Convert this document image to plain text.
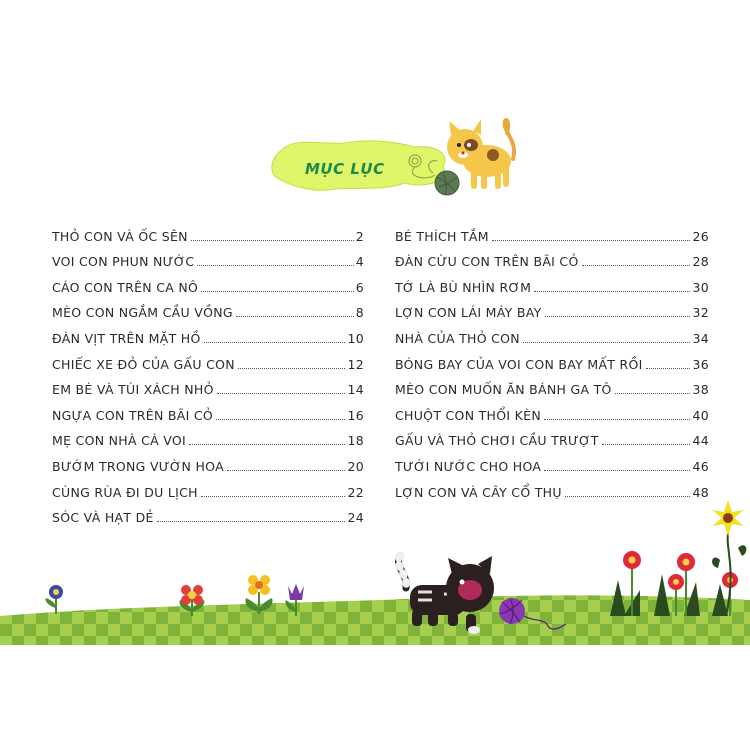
MỤC LỤC
THỎ CON VÀ ỐC SÊN	2
VOI CON PHUN NƯỚC	4
CÁO CON TRÊN CA NÔ	6
MÈO CON NGẮM CẦU VỒNG	8
ĐÀN VỊT TRÊN MẶT HỒ	10
CHIẾC XE ĐỎ CỦA GẤU CON	12
EM BÉ VÀ TÚI XÁCH NHỎ	14
NGỰA CON TRÊN BÃI CỎ	16
MẸ CON NHÀ CÁ VOI	18
BƯỚM TRONG VƯỜN HOA	20
CÙNG RÙA ĐI DU LỊCH	22
SÓC VÀ HẠT DẺ	24
BÉ THÍCH TẮM	26
ĐÀN CỪU CON TRÊN BÃI CỎ	28
TỚ LÀ BÙ NHÌN RƠM	30
LỢN CON LÁI MÁY BAY	32
NHÀ CỦA THỎ CON	34
BÓNG BAY CỦA VOI CON BAY MẤT RỒI	36
MÈO CON MUỐN ĂN BÁNH GA TÔ	38
CHUỘT CON THỔI KÈN	40
GẤU VÀ THỎ CHƠI CẦU TRƯỢT	44
TƯỚI NƯỚC CHO HOA	46
LỢN CON VÀ CÂY CỔ THỤ	48
